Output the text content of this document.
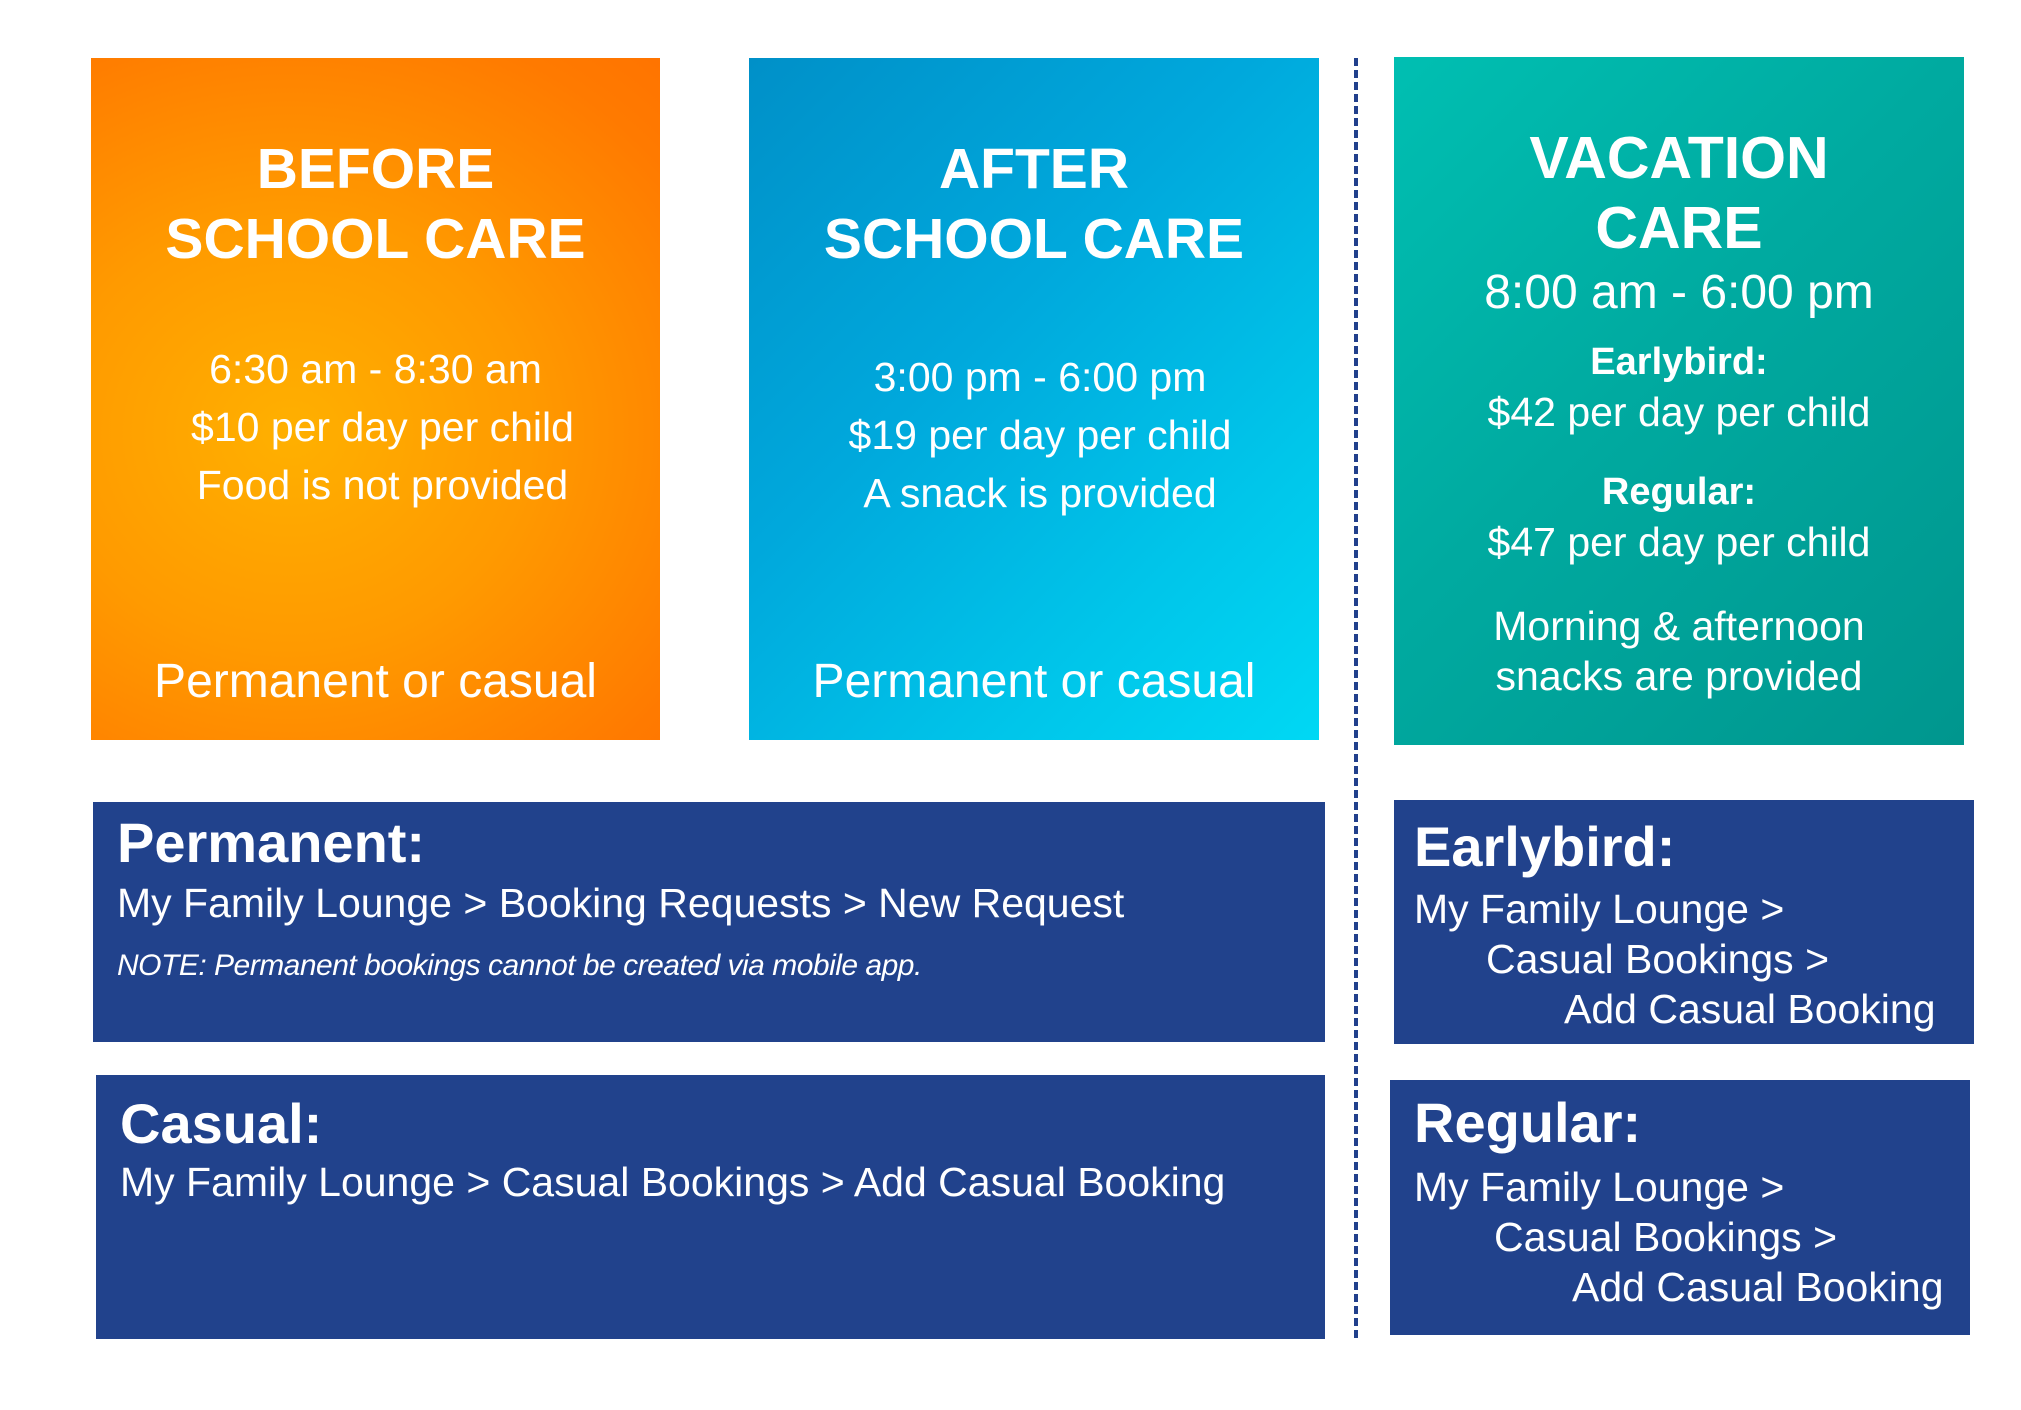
BEFORE
SCHOOL CARE
6:30 am - 8:30 am
$10 per day per child
Food is not provided
Permanent or casual
AFTER
SCHOOL CARE
3:00 pm - 6:00 pm
$19 per day per child
A snack is provided
Permanent or casual
VACATION
CARE
8:00 am - 6:00 pm
Earlybird:
$42 per day per child
Regular:
$47 per day per child
Morning & afternoon
snacks are provided
Permanent:
My Family Lounge > Booking Requests > New Request
NOTE: Permanent bookings cannot be created via mobile app.
Casual:
My Family Lounge > Casual Bookings > Add Casual Booking
Earlybird:
My Family Lounge >
Casual Bookings >
Add Casual Booking
Regular:
My Family Lounge >
Casual Bookings >
Add Casual Booking
